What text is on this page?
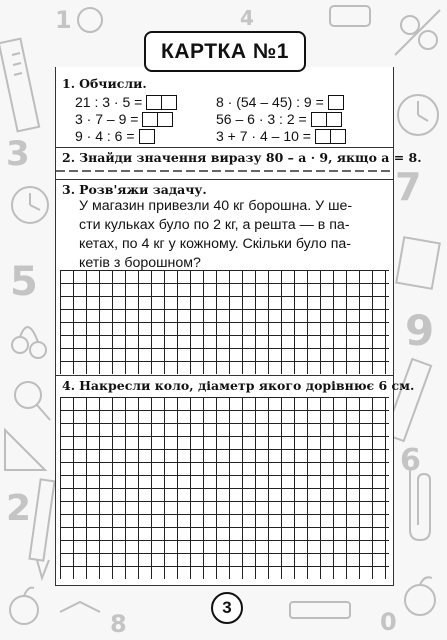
3
5
7
9
2
6
8
4
1
0
1. Обчисли.
21 : 3 · 5 =
3 · 7 – 9 =
9 · 4 : 6 =
8 · (54 – 45) : 9 =
56 – 6 · 3 : 2 =
3 + 7 · 4 – 10 =
2. Знайди значення виразу 80 – a · 9, якщо a = 8.
3. Розв'яжи задачу.
У магазин привезли 40 кг борошна. У ше-
сти кульках було по 2 кг, а решта — в па-
кетах, по 4 кг у кожному. Скільки було па-
кетів з борошном?
4. Накресли коло, діаметр якого дорівнює 6 см.
КАРТКА №1
3
